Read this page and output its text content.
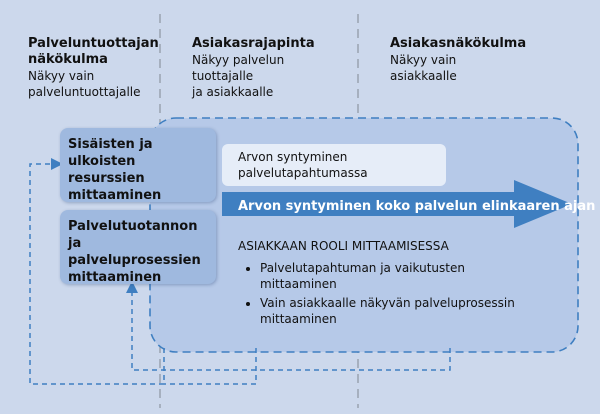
Palveluntuottajan
näkökulma
Näkyy vain
palveluntuottajalle
Asiakasrajapinta
Näkyy palvelun
tuottajalle
ja asiakkaalle
Asiakasnäkökulma
Näkyy vain
asiakkaalle
Sisäisten ja ulkoisten
resurssien
mittaaminen
Palvelutuotannon
ja palveluprosessien
mittaaminen
Arvon syntyminen
palvelutapahtumassa
Arvon syntyminen koko palvelun elinkaaren ajan
ASIAKKAAN ROOLI MITTAAMISESSA
• Palvelutapahtuman ja vaikutusten
mittaaminen
• Vain asiakkaalle näkyvän palveluprosessin
mittaaminen
